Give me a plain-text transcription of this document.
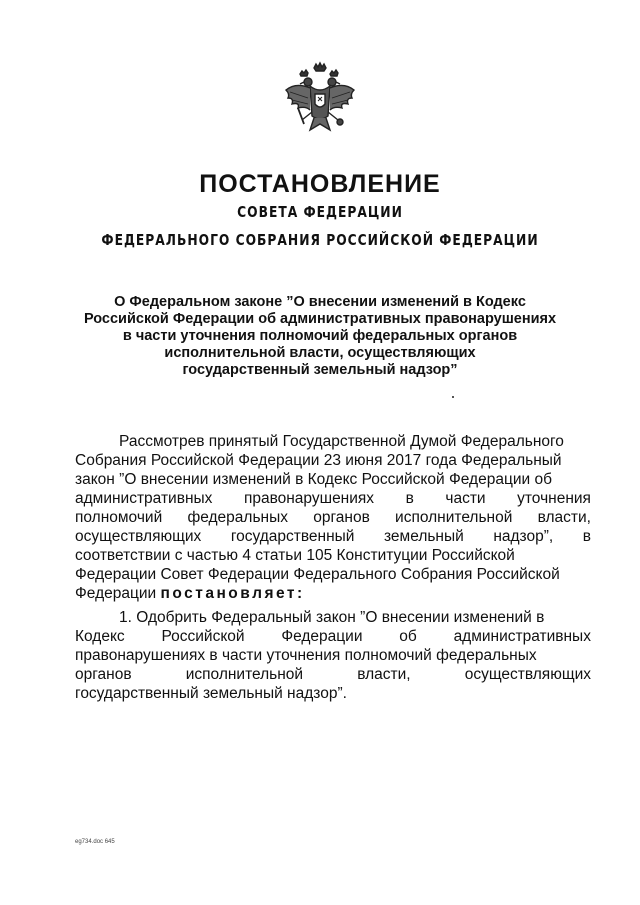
ПОСТАНОВЛЕНИЕ
СОВЕТА ФЕДЕРАЦИИ
ФЕДЕРАЛЬНОГО СОБРАНИЯ РОССИЙСКОЙ ФЕДЕРАЦИИ
О Федеральном законе ”О внесении изменений в Кодекс
Российской Федерации об административных правонарушениях
в части уточнения полномочий федеральных органов
исполнительной власти, осуществляющих
государственный земельный надзор”
Рассмотрев принятый Государственной Думой Федерального
Собрания Российской Федерации 23 июня 2017 года Федеральный
закон ”О внесении изменений в Кодекс Российской Федерации об
административных правонарушениях в части уточнения
полномочий федеральных органов исполнительной власти,
осуществляющих государственный земельный надзор”, в
соответствии с частью 4 статьи 105 Конституции Российской
Федерации Совет Федерации Федерального Собрания Российской
Федерации постановляет:
1. Одобрить Федеральный закон ”О внесении изменений в
Кодекс Российской Федерации об административных
правонарушениях в части уточнения полномочий федеральных
органов	исполнительной	власти,	осуществляющих
государственный земельный надзор”.
eg734.doc 645
